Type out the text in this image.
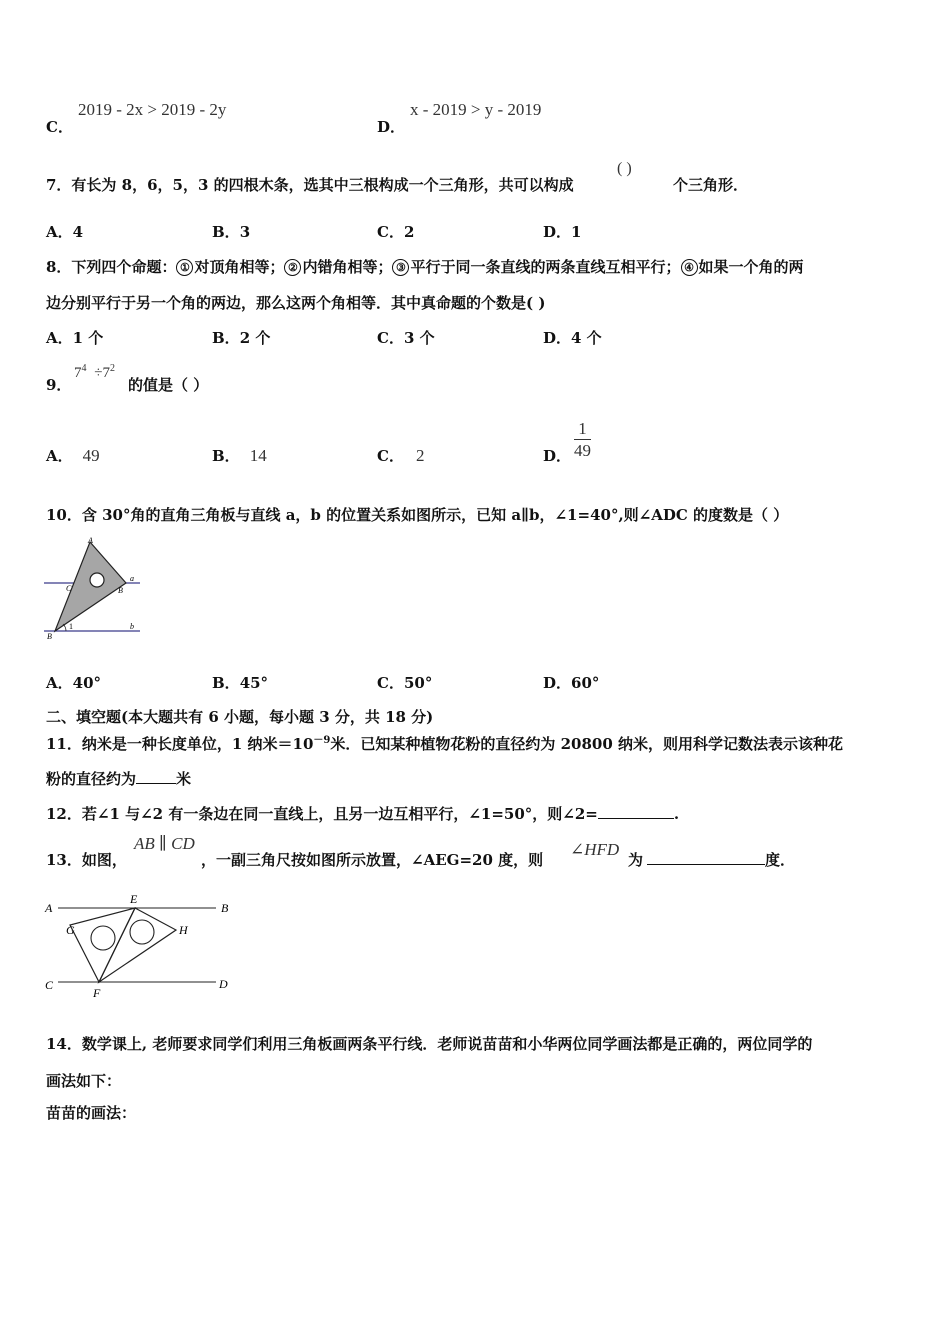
C．
2019 - 2x > 2019 - 2y
D．
x - 2019 > y - 2019
7．有长为 8，6，5，3 的四根木条，选其中三根构成一个三角形，共可以构成
( )
个三角形．
A．4	B．3	C．2	D．1
8．下列四个命题： ① 对顶角相等； ② 内错角相等； ③ 平行于同一条直线的两条直线互相平行； ④ 如果一个角的两
边分别平行于另一个角的两边，那么这两个角相等．其中真命题的个数是( )
A．1 个	B．2 个	C．3 个	D．4 个
9．
$7^4 \div 7^2$
的值是（ ）
A． 49	B． 14	C． 2	D． $\frac{1}{49}$
10．含 30°角的直角三角板与直线 a，b 的位置关系如图所示，已知 a∥b，∠1=40°,则∠ADC 的度数是（ ）
A
a
C	B
1
B
b
A．40°	B．45°	C．50°	D．60°
二、填空题(本大题共有 6 小题，每小题 3 分，共 18 分)
11．纳米是一种长度单位，1 纳米$=10^{-9}$米．已知某种植物花粉的直径约为 20800 纳米，则用科学记数法表示该种花
粉的直径约为	米
12．若∠1 与∠2 有一条边在同一直线上，且另一边互相平行，∠1=50°，则∠2=	.
13．如图，
AB ∥ CD
，一副三角尺按如图所示放置，∠AEG=20 度，则
∠HFD
为	度．
A
E
B
G	H
C
F
D
14．数学课上, 老师要求同学们利用三角板画两条平行线．老师说苗苗和小华两位同学画法都是正确的，两位同学的
画法如下：
苗苗的画法：
